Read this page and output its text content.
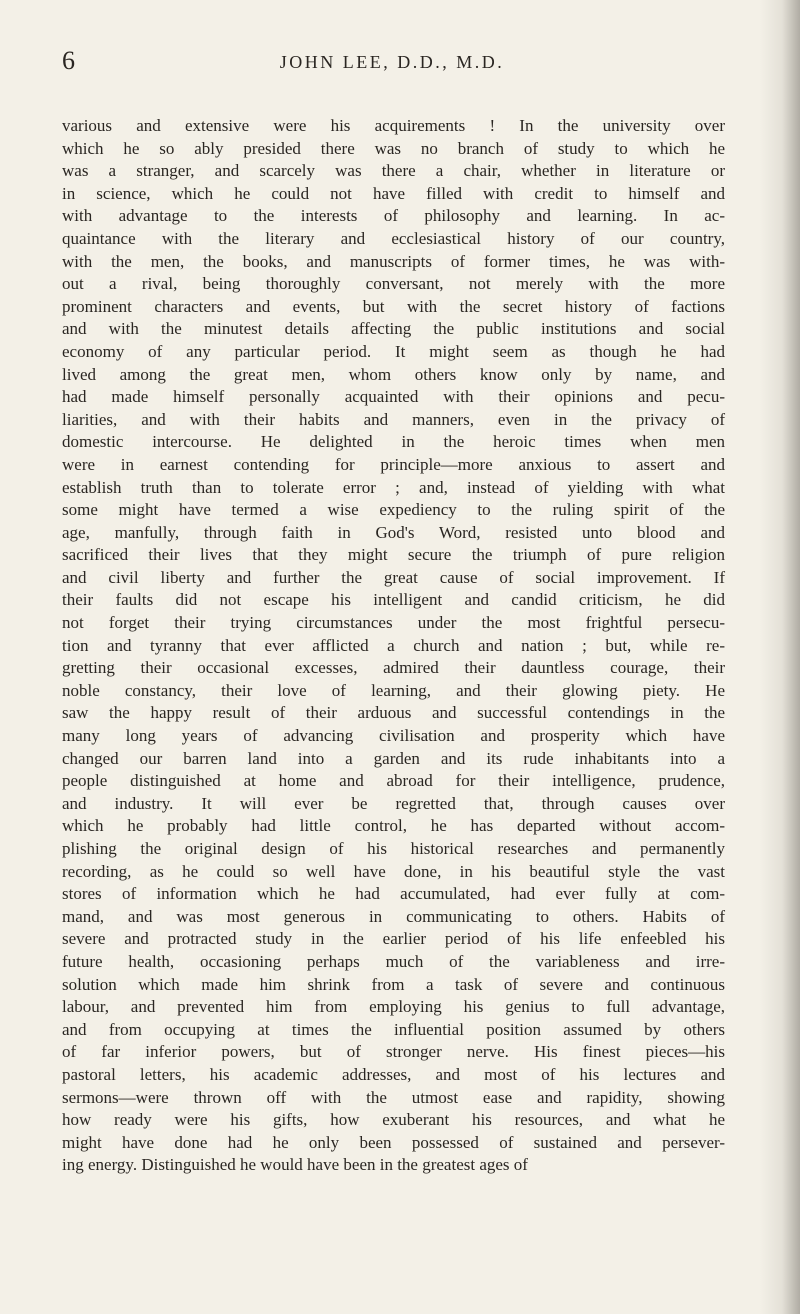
6	JOHN LEE, D.D., M.D.
various and extensive were his acquirements ! In the university over
which he so ably presided there was no branch of study to which he
was a stranger, and scarcely was there a chair, whether in literature or
in science, which he could not have filled with credit to himself and
with advantage to the interests of philosophy and learning. In ac-
quaintance with the literary and ecclesiastical history of our country,
with the men, the books, and manuscripts of former times, he was with-
out a rival, being thoroughly conversant, not merely with the more
prominent characters and events, but with the secret history of factions
and with the minutest details affecting the public institutions and social
economy of any particular period. It might seem as though he had
lived among the great men, whom others know only by name, and
had made himself personally acquainted with their opinions and pecu-
liarities, and with their habits and manners, even in the privacy of
domestic intercourse. He delighted in the heroic times when men
were in earnest contending for principle—more anxious to assert and
establish truth than to tolerate error ; and, instead of yielding with what
some might have termed a wise expediency to the ruling spirit of the
age, manfully, through faith in God's Word, resisted unto blood and
sacrificed their lives that they might secure the triumph of pure religion
and civil liberty and further the great cause of social improvement. If
their faults did not escape his intelligent and candid criticism, he did
not forget their trying circumstances under the most frightful persecu-
tion and tyranny that ever afflicted a church and nation ; but, while re-
gretting their occasional excesses, admired their dauntless courage, their
noble constancy, their love of learning, and their glowing piety. He
saw the happy result of their arduous and successful contendings in the
many long years of advancing civilisation and prosperity which have
changed our barren land into a garden and its rude inhabitants into a
people distinguished at home and abroad for their intelligence, prudence,
and industry. It will ever be regretted that, through causes over
which he probably had little control, he has departed without accom-
plishing the original design of his historical researches and permanently
recording, as he could so well have done, in his beautiful style the vast
stores of information which he had accumulated, had ever fully at com-
mand, and was most generous in communicating to others. Habits of
severe and protracted study in the earlier period of his life enfeebled his
future health, occasioning perhaps much of the variableness and irre-
solution which made him shrink from a task of severe and continuous
labour, and prevented him from employing his genius to full advantage,
and from occupying at times the influential position assumed by others
of far inferior powers, but of stronger nerve. His finest pieces—his
pastoral letters, his academic addresses, and most of his lectures and
sermons—were thrown off with the utmost ease and rapidity, showing
how ready were his gifts, how exuberant his resources, and what he
might have done had he only been possessed of sustained and persever-
ing energy. Distinguished he would have been in the greatest ages of
